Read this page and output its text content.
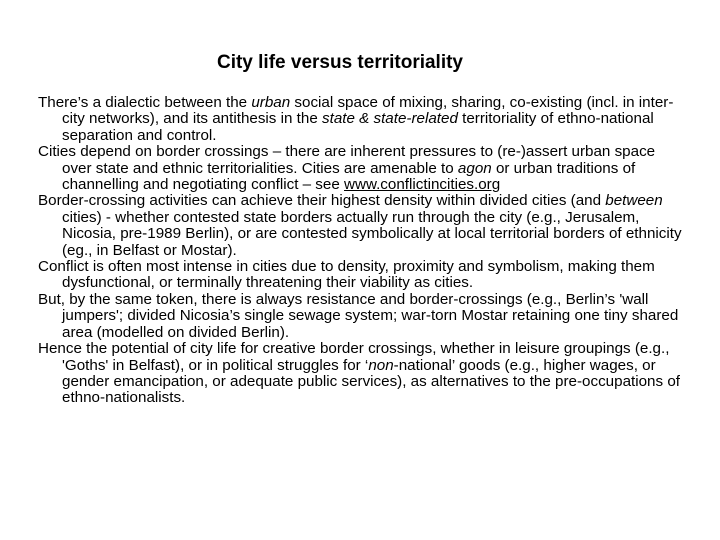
City life versus territoriality

There’s a dialectic between the urban social space of mixing, sharing, co-existing (incl. in inter-city networks), and its antithesis in the state & state-related territoriality of ethno-national separation and control.

Cities depend on border crossings – there are inherent pressures to (re-)assert urban space over state and ethnic territorialities. Cities are amenable to agon or urban traditions of channelling and negotiating conflict – see www.conflictincities.org

Border-crossing activities can achieve their highest density within divided cities (and between cities) - whether contested state borders actually run through the city (e.g., Jerusalem, Nicosia, pre-1989 Berlin), or are contested symbolically at local territorial borders of ethnicity (eg., in Belfast or Mostar).

Conflict is often most intense in cities due to density, proximity and symbolism, making them dysfunctional, or terminally threatening their viability as cities.

But, by the same token, there is always resistance and border-crossings (e.g., Berlin’s 'wall jumpers'; divided Nicosia’s single sewage system; war-torn Mostar retaining one tiny shared area (modelled on divided Berlin).

Hence the potential of city life for creative border crossings, whether in leisure groupings (e.g., 'Goths' in Belfast), or in political struggles for ‘non-national’ goods (e.g., higher wages, or gender emancipation, or adequate public services), as alternatives to the pre-occupations of ethno-nationalists.
